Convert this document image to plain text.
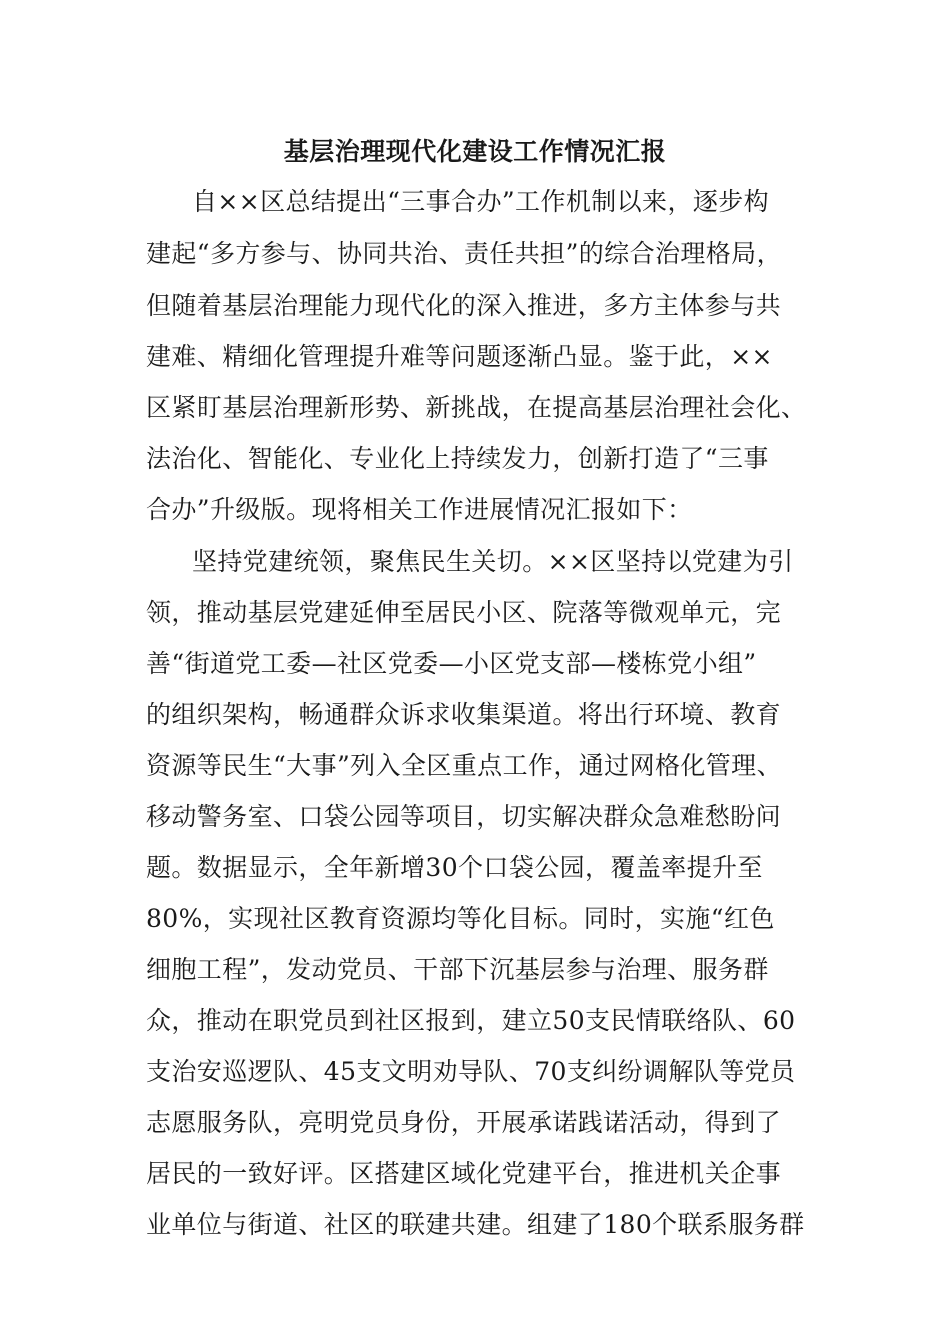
基层治理现代化建设工作情况汇报
自××区总结提出“三事合办”工作机制以来，逐步构
建起“多方参与、协同共治、责任共担”的综合治理格局，
但随着基层治理能力现代化的深入推进，多方主体参与共
建难、精细化管理提升难等问题逐渐凸显。鉴于此，××
区紧盯基层治理新形势、新挑战，在提高基层治理社会化、
法治化、智能化、专业化上持续发力，创新打造了“三事
合办”升级版。现将相关工作进展情况汇报如下：
坚持党建统领，聚焦民生关切。××区坚持以党建为引
领，推动基层党建延伸至居民小区、院落等微观单元，完
善“街道党工委—社区党委—小区党支部—楼栋党小组”
的组织架构，畅通群众诉求收集渠道。将出行环境、教育
资源等民生“大事”列入全区重点工作，通过网格化管理、
移动警务室、口袋公园等项目，切实解决群众急难愁盼问
题。数据显示，全年新增30个口袋公园，覆盖率提升至
80%，实现社区教育资源均等化目标。同时，实施“红色
细胞工程”，发动党员、干部下沉基层参与治理、服务群
众，推动在职党员到社区报到，建立50支民情联络队、60
支治安巡逻队、45支文明劝导队、70支纠纷调解队等党员
志愿服务队，亮明党员身份，开展承诺践诺活动，得到了
居民的一致好评。区搭建区域化党建平台，推进机关企事
业单位与街道、社区的联建共建。组建了180个联系服务群
